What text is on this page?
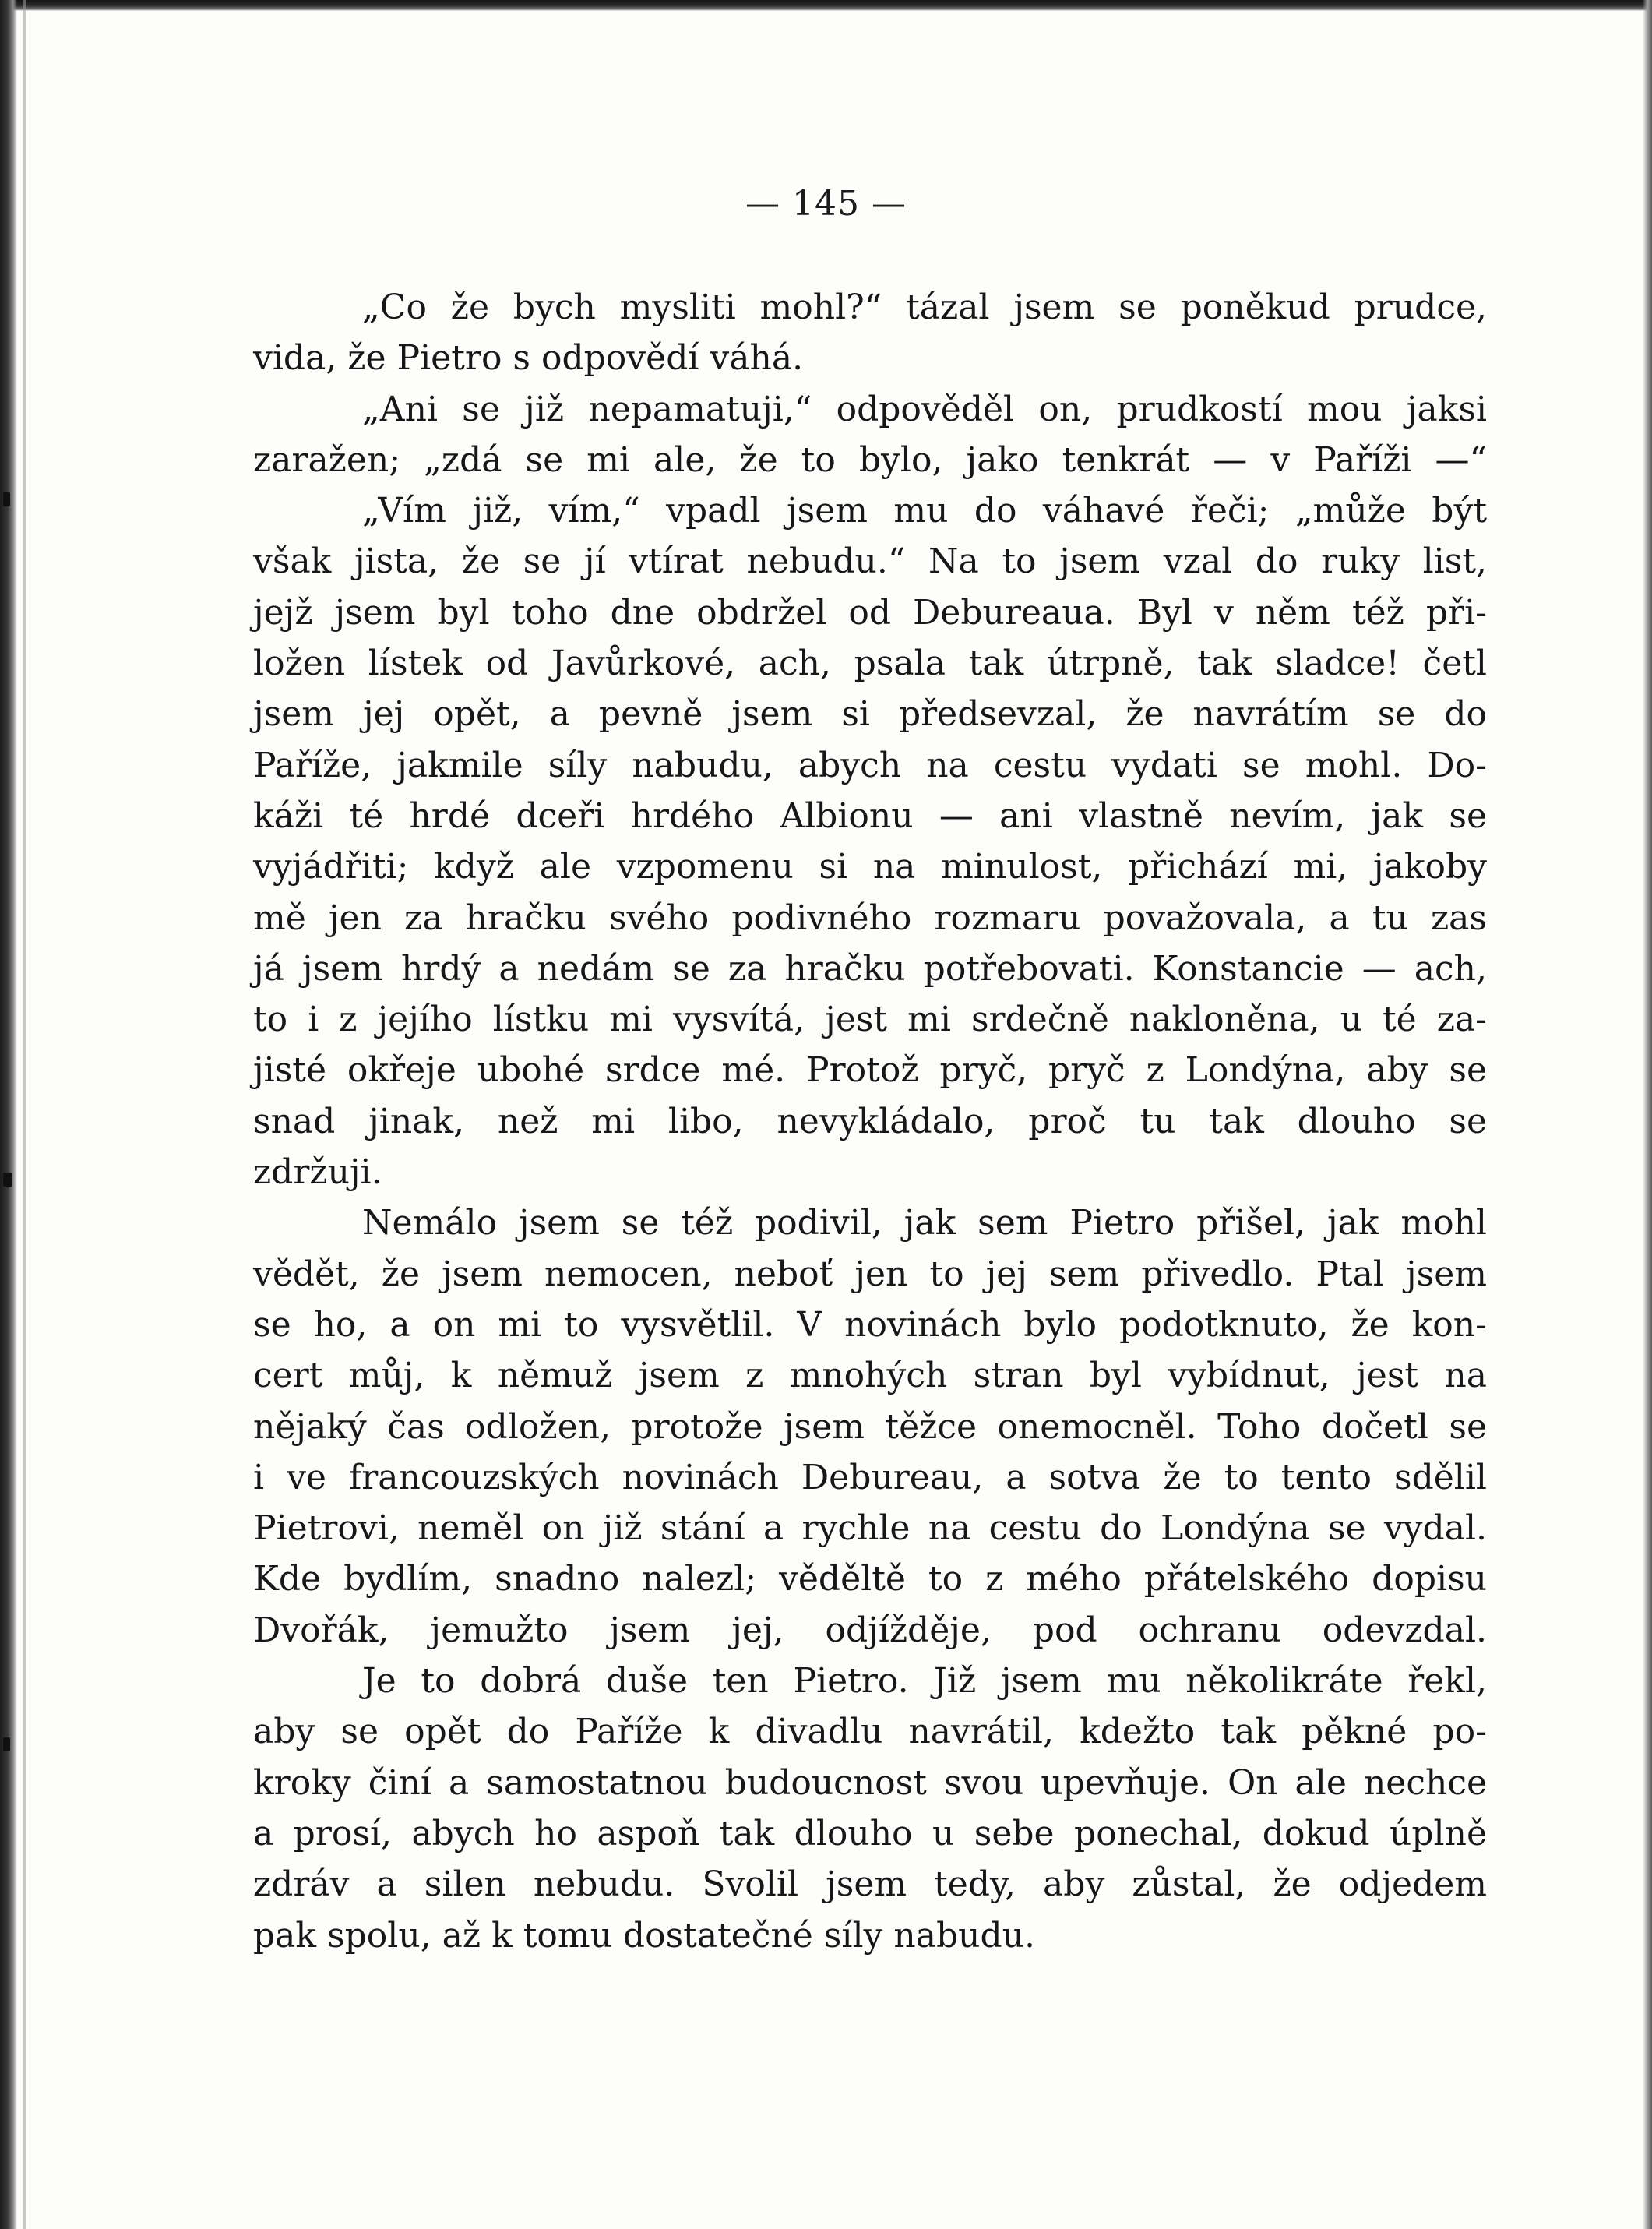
— 145 —
„Co že bych mysliti mohl?“ tázal jsem se poněkud prudce,
vida, že Pietro s odpovědí váhá.
„Ani se již nepamatuji,“ odpověděl on, prudkostí mou jaksi
zaražen; „zdá se mi ale, že to bylo, jako tenkrát — v Paříži —“
„Vím již, vím,“ vpadl jsem mu do váhavé řeči; „může být
však jista, že se jí vtírat nebudu.“ Na to jsem vzal do ruky list,
jejž jsem byl toho dne obdržel od Debureaua. Byl v něm též při-
ložen lístek od Javůrkové, ach, psala tak útrpně, tak sladce! četl
jsem jej opět, a pevně jsem si předsevzal, že navrátím se do
Paříže, jakmile síly nabudu, abych na cestu vydati se mohl. Do-
káži té hrdé dceři hrdého Albionu — ani vlastně nevím, jak se
vyjádřiti; když ale vzpomenu si na minulost, přichází mi, jakoby
mě jen za hračku svého podivného rozmaru považovala, a tu zas
já jsem hrdý a nedám se za hračku potřebovati. Konstancie — ach,
to i z jejího lístku mi vysvítá, jest mi srdečně nakloněna, u té za-
jisté okřeje ubohé srdce mé. Protož pryč, pryč z Londýna, aby se
snad jinak, než mi libo, nevykládalo, proč tu tak dlouho se
zdržuji.
Nemálo jsem se též podivil, jak sem Pietro přišel, jak mohl
vědět, že jsem nemocen, neboť jen to jej sem přivedlo. Ptal jsem
se ho, a on mi to vysvětlil. V novinách bylo podotknuto, že kon-
cert můj, k němuž jsem z mnohých stran byl vybídnut, jest na
nějaký čas odložen, protože jsem těžce onemocněl. Toho dočetl se
i ve francouzských novinách Debureau, a sotva že to tento sdělil
Pietrovi, neměl on již stání a rychle na cestu do Londýna se vydal.
Kde bydlím, snadno nalezl; věděltě to z mého přátelského dopisu
Dvořák, jemužto jsem jej, odjížděje, pod ochranu odevzdal.
Je to dobrá duše ten Pietro. Již jsem mu několikráte řekl,
aby se opět do Paříže k divadlu navrátil, kdežto tak pěkné po-
kroky činí a samostatnou budoucnost svou upevňuje. On ale nechce
a prosí, abych ho aspoň tak dlouho u sebe ponechal, dokud úplně
zdráv a silen nebudu. Svolil jsem tedy, aby zůstal, že odjedem
pak spolu, až k tomu dostatečné síly nabudu.
